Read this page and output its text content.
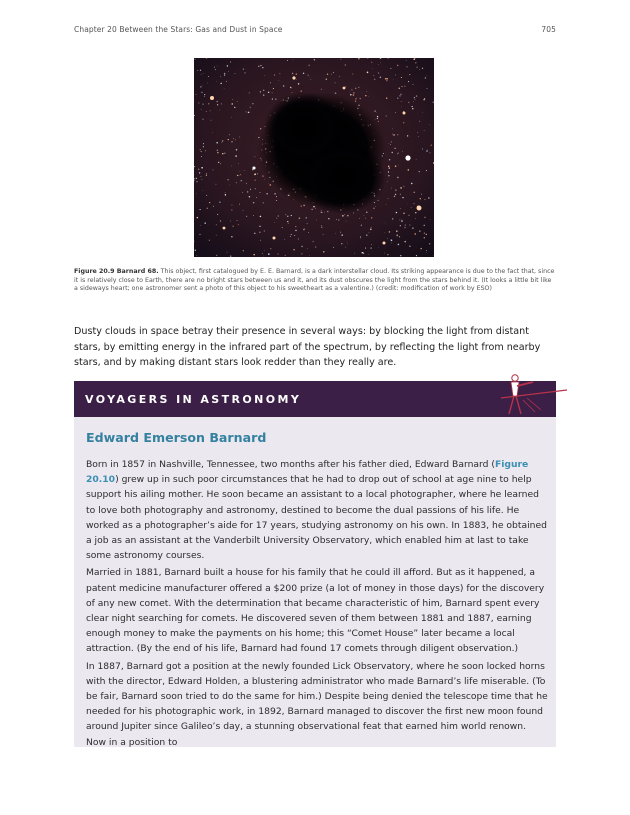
Chapter 20 Between the Stars: Gas and Dust in Space	705
Figure 20.9 Barnard 68. This object, first catalogued by E. E. Barnard, is a dark interstellar cloud. Its striking appearance is due to the fact that, since it is relatively close to Earth, there are no bright stars between us and it, and its dust obscures the light from the stars behind it. (It looks a little bit like a sideways heart; one astronomer sent a photo of this object to his sweetheart as a valentine.) (credit: modification of work by ESO)
Dusty clouds in space betray their presence in several ways: by blocking the light from distant stars, by emitting energy in the infrared part of the spectrum, by reflecting the light from nearby stars, and by making distant stars look redder than they really are.
VOYAGERS IN ASTRONOMY
Edward Emerson Barnard

Born in 1857 in Nashville, Tennessee, two months after his father died, Edward Barnard (Figure 20.10) grew up in such poor circumstances that he had to drop out of school at age nine to help support his ailing mother. He soon became an assistant to a local photographer, where he learned to love both photography and astronomy, destined to become the dual passions of his life. He worked as a photographer’s aide for 17 years, studying astronomy on his own. In 1883, he obtained a job as an assistant at the Vanderbilt University Observatory, which enabled him at last to take some astronomy courses.

Married in 1881, Barnard built a house for his family that he could ill afford. But as it happened, a patent medicine manufacturer offered a $200 prize (a lot of money in those days) for the discovery of any new comet. With the determination that became characteristic of him, Barnard spent every clear night searching for comets. He discovered seven of them between 1881 and 1887, earning enough money to make the payments on his home; this “Comet House” later became a local attraction. (By the end of his life, Barnard had found 17 comets through diligent observation.)

In 1887, Barnard got a position at the newly founded Lick Observatory, where he soon locked horns with the director, Edward Holden, a blustering administrator who made Barnard’s life miserable. (To be fair, Barnard soon tried to do the same for him.) Despite being denied the telescope time that he needed for his photographic work, in 1892, Barnard managed to discover the first new moon found around Jupiter since Galileo’s day, a stunning observational feat that earned him world renown. Now in a position to
